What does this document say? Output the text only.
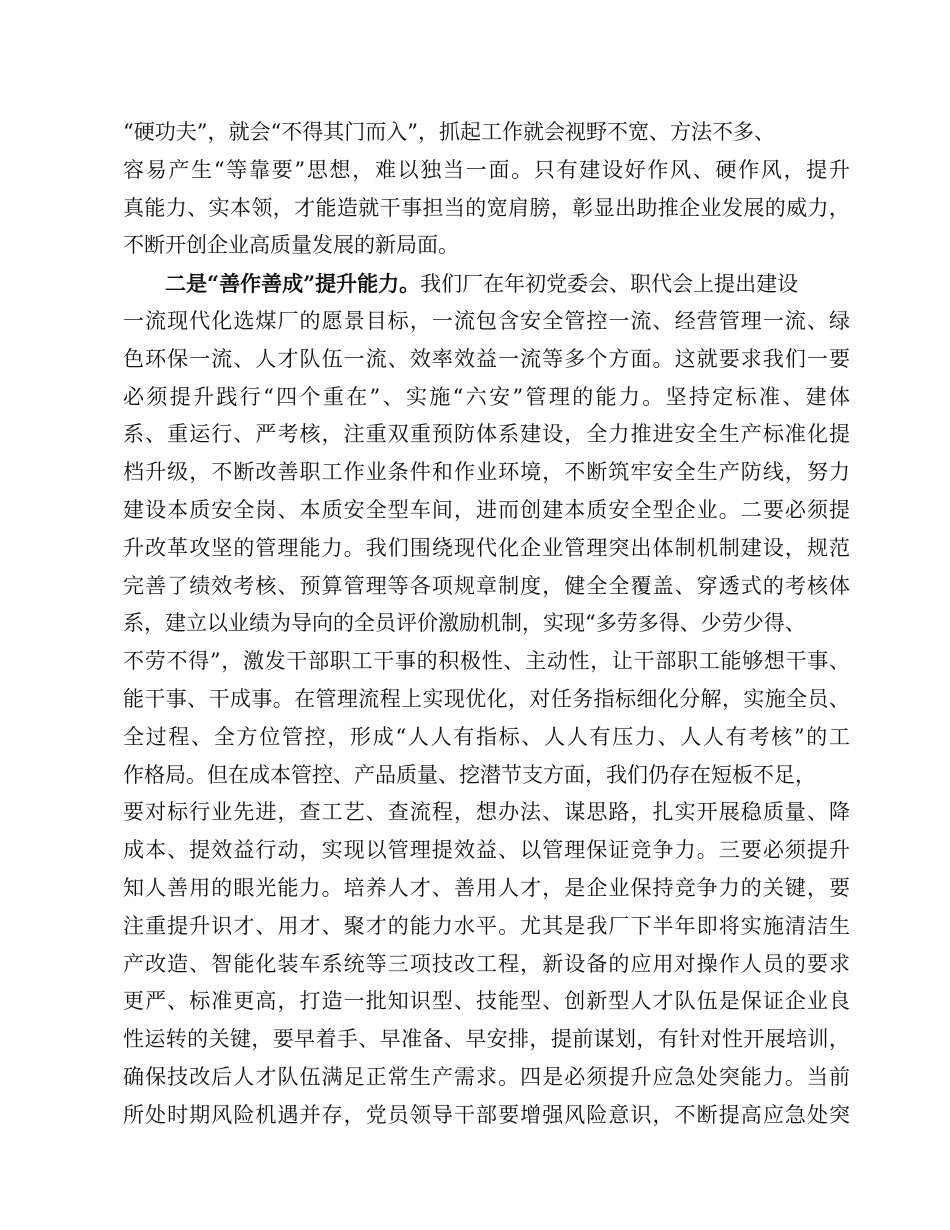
“硬功夫”，就会“不得其门而入”，抓起工作就会视野不宽、方法不多、
容 易 产 生 “ 等 靠 要 ” 思 想 ， 难 以 独 当 一 面 。 只 有 建 设 好 作 风 、 硬 作 风 ， 提 升
真 能 力 、 实 本 领 ， 才 能 造 就 干 事 担 当 的 宽 肩 膀 ， 彰 显 出 助 推 企 业 发 展 的 威 力 ，
不断开创企业高质量发展的新局面。
二是“善作善成”提升能力。我们厂在年初党委会、职代会上提出建设
一 流 现 代 化 选 煤 厂 的 愿 景 目 标 ， 一 流 包 含 安 全 管 控 一 流 、 经 营 管 理 一 流 、 绿
色 环 保 一 流 、 人 才 队 伍 一 流 、 效 率 效 益 一 流 等 多 个 方 面 。 这 就 要 求 我 们 一 要
必 须 提 升 践 行 “ 四 个 重 在 ” 、 实 施 “ 六 安 ” 管 理 的 能 力 。 坚 持 定 标 准 、 建 体
系 、 重 运 行 、 严 考 核 ， 注 重 双 重 预 防 体 系 建 设 ， 全 力 推 进 安 全 生 产 标 准 化 提
档 升 级 ， 不 断 改 善 职 工 作 业 条 件 和 作 业 环 境 ， 不 断 筑 牢 安 全 生 产 防 线 ， 努 力
建 设 本 质 安 全 岗 、 本 质 安 全 型 车 间 ， 进 而 创 建 本 质 安 全 型 企 业 。 二 要 必 须 提
升 改 革 攻 坚 的 管 理 能 力 。 我 们 围 绕 现 代 化 企 业 管 理 突 出 体 制 机 制 建 设 ， 规 范
完 善 了 绩 效 考 核 、 预 算 管 理 等 各 项 规 章 制 度 ， 健 全 全 覆 盖 、 穿 透 式 的 考 核 体
系，建立以业绩为导向的全员评价激励机制，实现“多劳多得、少劳少得、
不 劳 不 得 ” ， 激 发 干 部 职 工 干 事 的 积 极 性 、 主 动 性 ， 让 干 部 职 工 能 够 想 干 事 、
能 干 事 、 干 成 事 。 在 管 理 流 程 上 实 现 优 化 ， 对 任 务 指 标 细 化 分 解 ， 实 施 全 员 、
全 过 程 、 全 方 位 管 控 ， 形 成 “ 人 人 有 指 标 、 人 人 有 压 力 、 人 人 有 考 核 ” 的 工
作格局。但在成本管控、产品质量、挖潜节支方面，我们仍存在短板不足，
要 对 标 行 业 先 进 ， 查 工 艺 、 查 流 程 ， 想 办 法 、 谋 思 路 ， 扎 实 开 展 稳 质 量 、 降
成 本 、 提 效 益 行 动 ， 实 现 以 管 理 提 效 益 、 以 管 理 保 证 竞 争 力 。 三 要 必 须 提 升
知 人 善 用 的 眼 光 能 力 。 培 养 人 才 、 善 用 人 才 ， 是 企 业 保 持 竞 争 力 的 关 键 ， 要
注 重 提 升 识 才 、 用 才 、 聚 才 的 能 力 水 平 。 尤 其 是 我 厂 下 半 年 即 将 实 施 清 洁 生
产 改 造 、 智 能 化 装 车 系 统 等 三 项 技 改 工 程 ， 新 设 备 的 应 用 对 操 作 人 员 的 要 求
更 严 、 标 准 更 高 ， 打 造 一 批 知 识 型 、 技 能 型 、 创 新 型 人 才 队 伍 是 保 证 企 业 良
性 运 转 的 关 键 ， 要 早 着 手 、 早 准 备 、 早 安 排 ， 提 前 谋 划 ， 有 针 对 性 开 展 培 训 ，
确 保 技 改 后 人 才 队 伍 满 足 正 常 生 产 需 求 。 四 是 必 须 提 升 应 急 处 突 能 力 。 当 前
所 处 时 期 风 险 机 遇 并 存 ， 党 员 领 导 干 部 要 增 强 风 险 意 识 ， 不 断 提 高 应 急 处 突
